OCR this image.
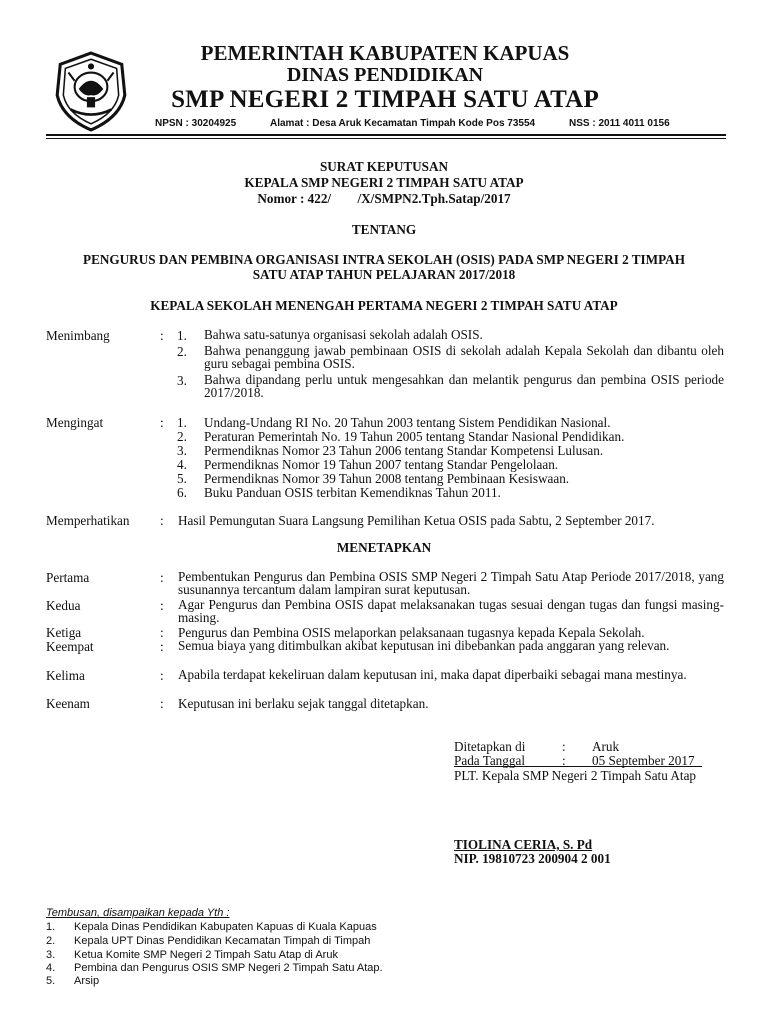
PEMERINTAH KABUPATEN KAPUAS
DINAS PENDIDIKAN
SMP NEGERI 2 TIMPAH SATU ATAP
NPSN : 30204925	Alamat : Desa Aruk Kecamatan Timpah Kode Pos 73554	NSS : 2011 4011 0156
SURAT KEPUTUSAN
KEPALA SMP NEGERI 2 TIMPAH SATU ATAP
Nomor : 422/        /X/SMPN2.Tph.Satap/2017
TENTANG
PENGURUS DAN PEMBINA ORGANISASI INTRA SEKOLAH (OSIS) PADA SMP NEGERI 2 TIMPAH
SATU ATAP TAHUN PELAJARAN 2017/2018
KEPALA SEKOLAH MENENGAH PERTAMA NEGERI 2 TIMPAH SATU ATAP
Menimbang	: 1. Bahwa satu-satunya organisasi sekolah adalah OSIS.
2. Bahwa penanggung jawab pembinaan OSIS di sekolah adalah Kepala Sekolah dan dibantu oleh guru sebagai pembina OSIS.
3. Bahwa dipandang perlu untuk mengesahkan dan melantik pengurus dan pembina OSIS periode 2017/2018.
Mengingat	: 1. Undang-Undang RI No. 20 Tahun 2003 tentang Sistem Pendidikan Nasional.
2. Peraturan Pemerintah No. 19 Tahun 2005 tentang Standar Nasional Pendidikan.
3. Permendiknas Nomor 23 Tahun 2006 tentang Standar Kompetensi Lulusan.
4. Permendiknas Nomor 19 Tahun 2007 tentang Standar Pengelolaan.
5. Permendiknas Nomor 39 Tahun 2008 tentang Pembinaan Kesiswaan.
6. Buku Panduan OSIS terbitan Kemendiknas Tahun 2011.
Memperhatikan : Hasil Pemungutan Suara Langsung Pemilihan Ketua OSIS pada Sabtu, 2 September 2017.
MENETAPKAN
Pertama	: Pembentukan Pengurus dan Pembina OSIS SMP Negeri 2 Timpah Satu Atap Periode 2017/2018, yang susunannya tercantum dalam lampiran surat keputusan.
Kedua	: Agar Pengurus dan Pembina OSIS dapat melaksanakan tugas sesuai dengan tugas dan fungsi masing-masing.
Ketiga	: Pengurus dan Pembina OSIS melaporkan pelaksanaan tugasnya kepada Kepala Sekolah.
Keempat	: Semua biaya yang ditimbulkan akibat keputusan ini dibebankan pada anggaran yang relevan.
Kelima	: Apabila terdapat kekeliruan dalam keputusan ini, maka dapat diperbaiki sebagai mana mestinya.
Keenam	: Keputusan ini berlaku sejak tanggal ditetapkan.
Ditetapkan di	: Aruk
Pada Tanggal	: 05 September 2017
PLT. Kepala SMP Negeri 2 Timpah Satu Atap
TIOLINA CERIA, S. Pd
NIP. 19810723 200904 2 001
Tembusan, disampaikan kepada Yth :
1. Kepala Dinas Pendidikan Kabupaten Kapuas di Kuala Kapuas
2. Kepala UPT Dinas Pendidikan Kecamatan Timpah di Timpah
3. Ketua Komite SMP Negeri 2 Timpah Satu Atap di Aruk
4. Pembina dan Pengurus OSIS SMP Negeri 2 Timpah Satu Atap.
5. Arsip
